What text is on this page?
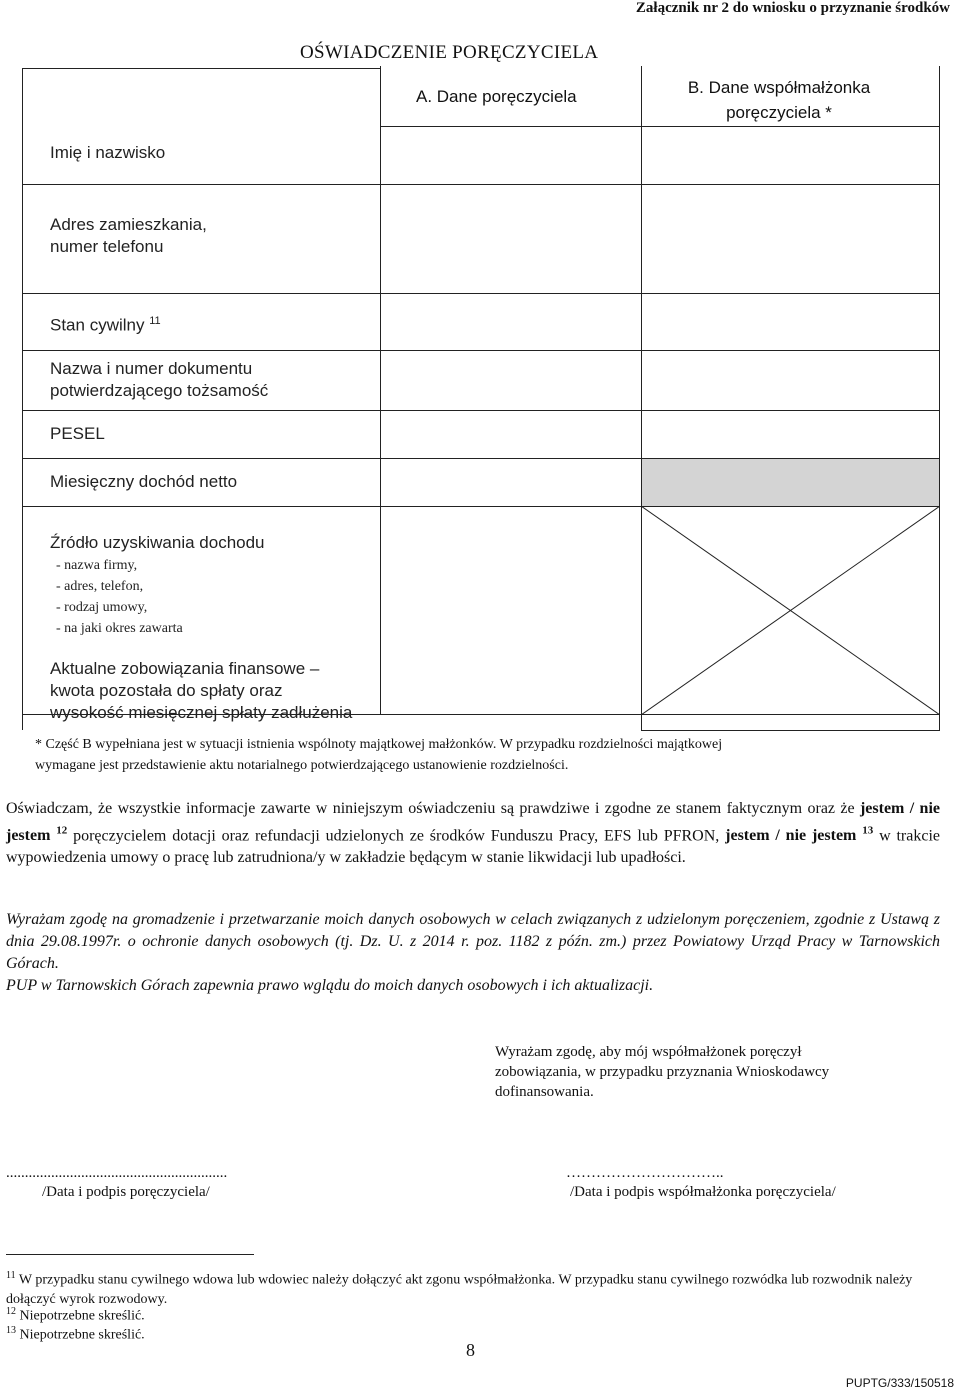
Załącznik nr 2 do wniosku o przyznanie środków
OŚWIADCZENIE PORĘCZYCIELA
A. Dane poręczyciela	B. Dane współmałżonka
poręczyciela *
Imię i nazwisko
Adres zamieszkania,
numer telefonu
Stan cywilny $^{11}$
Nazwa i numer dokumentu
potwierdzającego tożsamość
PESEL
Miesięczny dochód netto
Źródło uzyskiwania dochodu
- nazwa firmy,
- adres, telefon,
- rodzaj umowy,
- na jaki okres zawarta
Aktualne zobowiązania finansowe –
kwota pozostała do spłaty oraz
wysokość miesięcznej spłaty zadłużenia
* Część B wypełniana jest w sytuacji istnienia wspólnoty majątkowej małżonków. W przypadku rozdzielności majątkowej
wymagane jest przedstawienie aktu notarialnego potwierdzającego ustanowienie rozdzielności.
Oświadczam, że wszystkie informacje zawarte w niniejszym oświadczeniu są prawdziwe i zgodne ze stanem faktycznym oraz że jestem / nie jestem $^{12}$ poręczycielem dotacji oraz refundacji udzielonych ze środków Funduszu Pracy, EFS lub PFRON, jestem / nie jestem $^{13}$ w trakcie wypowiedzenia umowy o pracę lub zatrudniona/y w zakładzie będącym w stanie likwidacji lub upadłości.
Wyrażam zgodę na gromadzenie i przetwarzanie moich danych osobowych w celach związanych z udzielonym poręczeniem, zgodnie z Ustawą z dnia 29.08.1997r. o ochronie danych osobowych (tj. Dz. U. z 2014 r. poz. 1182 z późn. zm.) przez Powiatowy Urząd Pracy w Tarnowskich Górach.
PUP w Tarnowskich Górach zapewnia prawo wglądu do moich danych osobowych i ich aktualizacji.
Wyrażam zgodę, aby mój współmałżonek poręczył
zobowiązania, w przypadku przyznania Wnioskodawcy
dofinansowania.
...........................................................
/Data i podpis poręczyciela/
…………………………..
/Data i podpis współmałżonka poręczyciela/
$^{11}$ W przypadku stanu cywilnego wdowa lub wdowiec należy dołączyć akt zgonu współmałżonka. W przypadku stanu cywilnego rozwódka lub rozwodnik należy dołączyć wyrok rozwodowy.
$^{12}$ Niepotrzebne skreślić.
$^{13}$ Niepotrzebne skreślić.
8
PUPTG/333/150518
